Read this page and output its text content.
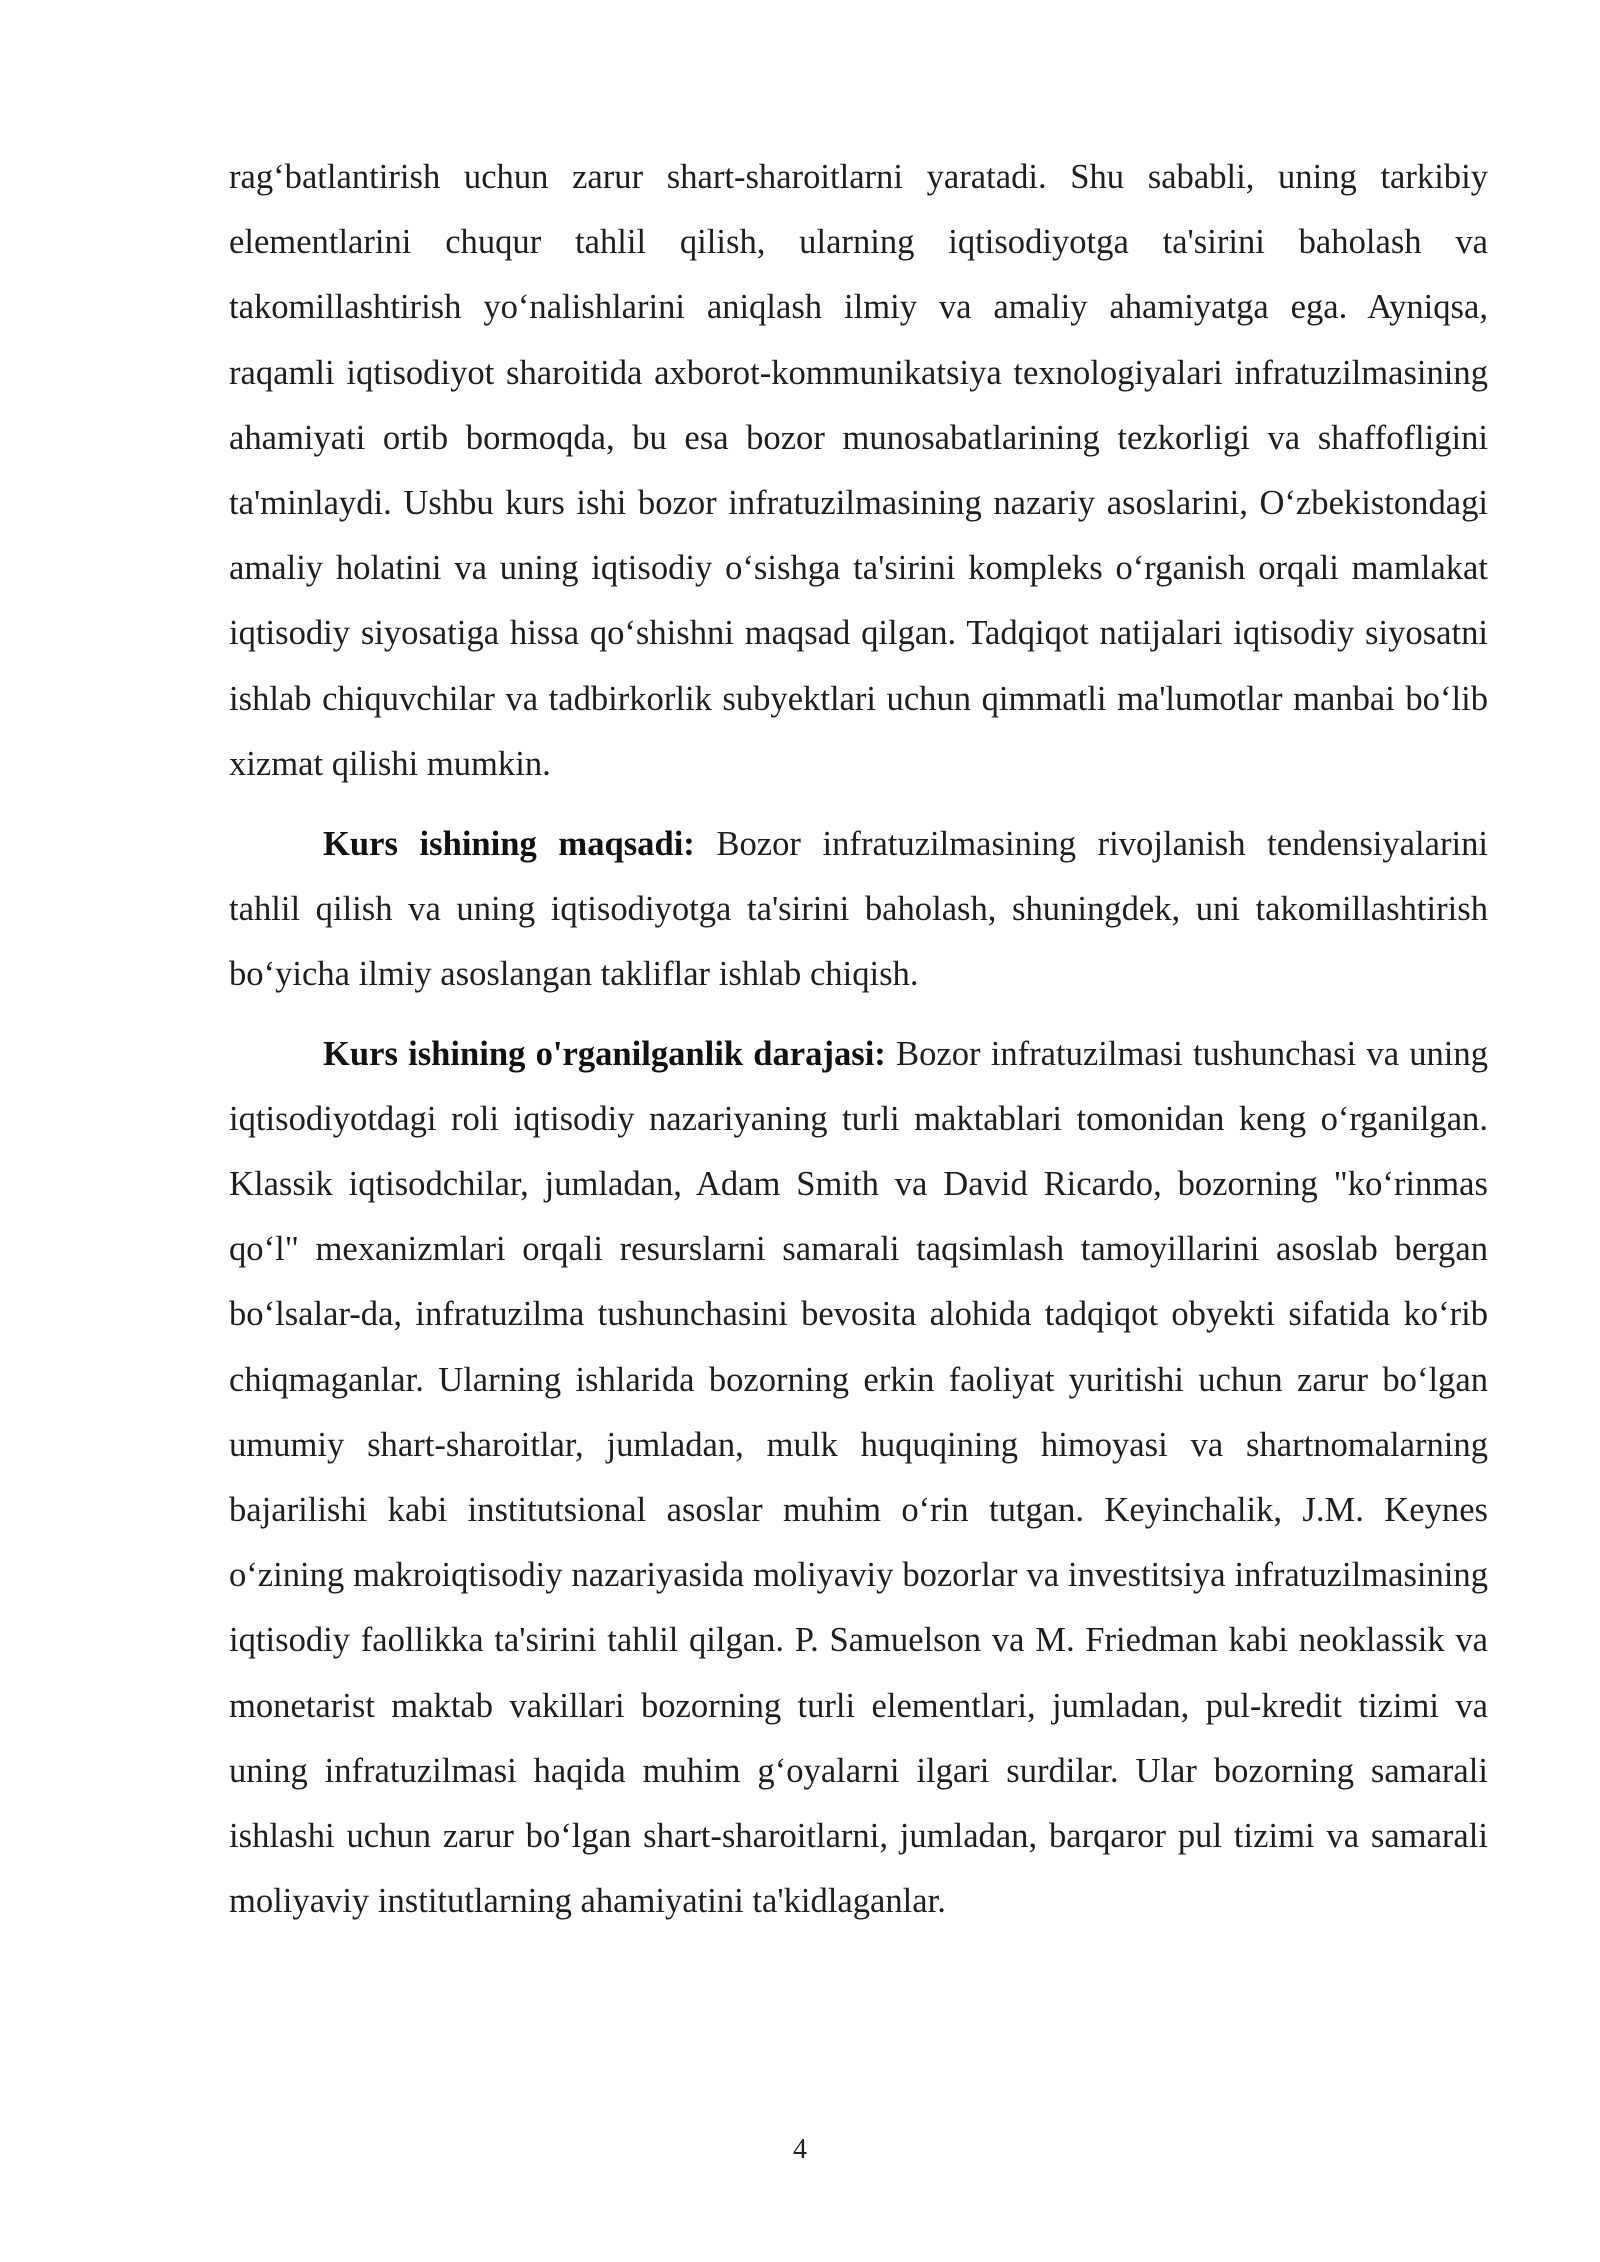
rag‘batlantirish uchun zarur shart-sharoitlarni yaratadi. Shu sababli, uning tarkibiy elementlarini chuqur tahlil qilish, ularning iqtisodiyotga ta'sirini baholash va takomillashtirish yo‘nalishlarini aniqlash ilmiy va amaliy ahamiyatga ega. Ayniqsa, raqamli iqtisodiyot sharoitida axborot-kommunikatsiya texnologiyalari infratuzilmasining ahamiyati ortib bormoqda, bu esa bozor munosabatlarining tezkorligi va shaffofligini ta'minlaydi. Ushbu kurs ishi bozor infratuzilmasining nazariy asoslarini, O‘zbekistondagi amaliy holatini va uning iqtisodiy o‘sishga ta'sirini kompleks o‘rganish orqali mamlakat iqtisodiy siyosatiga hissa qo‘shishni maqsad qilgan. Tadqiqot natijalari iqtisodiy siyosatni ishlab chiquvchilar va tadbirkorlik subyektlari uchun qimmatli ma'lumotlar manbai bo‘lib xizmat qilishi mumkin.

Kurs ishining maqsadi: Bozor infratuzilmasining rivojlanish tendensiyalarini tahlil qilish va uning iqtisodiyotga ta'sirini baholash, shuningdek, uni takomillashtirish bo‘yicha ilmiy asoslangan takliflar ishlab chiqish.

Kurs ishining o'rganilganlik darajasi: Bozor infratuzilmasi tushunchasi va uning iqtisodiyotdagi roli iqtisodiy nazariyaning turli maktablari tomonidan keng o‘rganilgan. Klassik iqtisodchilar, jumladan, Adam Smith va David Ricardo, bozorning "ko‘rinmas qo‘l" mexanizmlari orqali resurslarni samarali taqsimlash tamoyillarini asoslab bergan bo‘lsalar-da, infratuzilma tushunchasini bevosita alohida tadqiqot obyekti sifatida ko‘rib chiqmaganlar. Ularning ishlarida bozorning erkin faoliyat yuritishi uchun zarur bo‘lgan umumiy shart-sharoitlar, jumladan, mulk huquqining himoyasi va shartnomalarning bajarilishi kabi institutsional asoslar muhim o‘rin tutgan. Keyinchalik, J.M. Keynes o‘zining makroiqtisodiy nazariyasida moliyaviy bozorlar va investitsiya infratuzilmasining iqtisodiy faollikka ta'sirini tahlil qilgan. P. Samuelson va M. Friedman kabi neoklassik va monetarist maktab vakillari bozorning turli elementlari, jumladan, pul-kredit tizimi va uning infratuzilmasi haqida muhim g‘oyalarni ilgari surdilar. Ular bozorning samarali ishlashi uchun zarur bo‘lgan shart-sharoitlarni, jumladan, barqaror pul tizimi va samarali moliyaviy institutlarning ahamiyatini ta'kidlaganlar.

4
